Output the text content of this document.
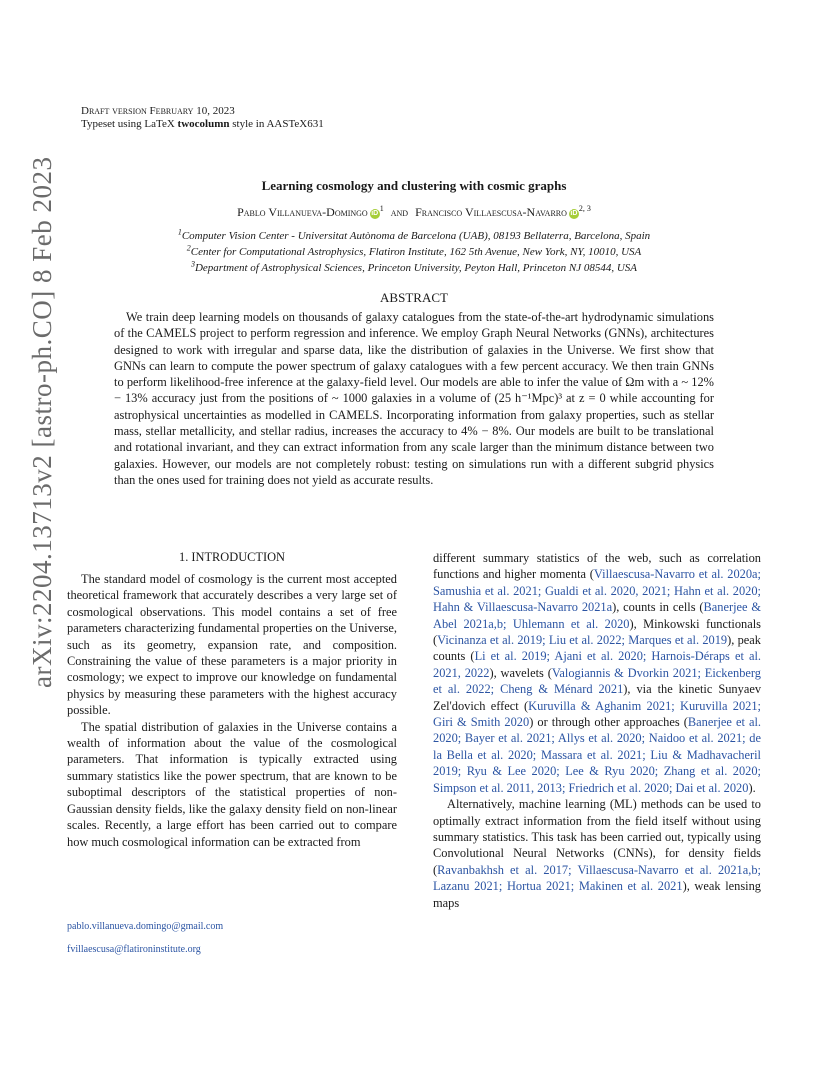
Draft version February 10, 2023
Typeset using LaTeX twocolumn style in AASTeX631
arXiv:2204.13713v2 [astro-ph.CO] 8 Feb 2023	Learning cosmology and clustering with cosmic graphs
Pablo Villanueva-Domingo $iD^1$ and Francisco Villaescusa-Navarro iD$^{2, 3}$
$^1$Computer Vision Center - Universitat Autònoma de Barcelona (UAB), 08193 Bellaterra, Barcelona, Spain
$^2$Center for Computational Astrophysics, Flatiron Institute, 162 5th Avenue, New York, NY, 10010, USA
$^3$Department of Astrophysical Sciences, Princeton University, Peyton Hall, Princeton NJ 08544, USA
ABSTRACT

We train deep learning models on thousands of galaxy catalogues from the state-of-the-art hydrodynamic simulations of the CAMELS project to perform regression and inference. We employ Graph Neural Networks (GNNs), architectures designed to work with irregular and sparse data, like the distribution of galaxies in the Universe. We first show that GNNs can learn to compute the power spectrum of galaxy catalogues with a few percent accuracy. We then train GNNs to perform likelihood-free inference at the galaxy-field level. Our models are able to infer the value of Ωm with a ~ 12% − 13% accuracy just from the positions of ~ 1000 galaxies in a volume of (25 h⁻¹Mpc)³ at z = 0 while accounting for astrophysical uncertainties as modelled in CAMELS. Incorporating information from galaxy properties, such as stellar mass, stellar metallicity, and stellar radius, increases the accuracy to 4% − 8%. Our models are built to be translational and rotational invariant, and they can extract information from any scale larger than the minimum distance between two galaxies. However, our models are not completely robust: testing on simulations run with a different subgrid physics than the ones used for training does not yield as accurate results.

1. INTRODUCTION

The standard model of cosmology is the current most accepted theoretical framework that accurately describes a very large set of cosmological observations. This model contains a set of free parameters characterizing fundamental properties on the Universe, such as its geometry, expansion rate, and composition. Constraining the value of these parameters is a major priority in cosmology; we expect to improve our knowledge on fundamental physics by measuring these parameters with the highest accuracy possible.

The spatial distribution of galaxies in the Universe contains a wealth of information about the value of the cosmological parameters. That information is typically extracted using summary statistics like the power spectrum, that are known to be suboptimal descriptors of the statistical properties of non-Gaussian density fields, like the galaxy density field on non-linear scales. Recently, a large effort has been carried out to compare how much cosmological information can be extracted from

pablo.villanueva.domingo@gmail.com
fvillaescusa@flatironinstitute.org

different summary statistics of the web, such as correlation functions and higher momenta (Villaescusa-Navarro et al. 2020a; Samushia et al. 2021; Gualdi et al. 2020, 2021; Hahn et al. 2020; Hahn & Villaescusa-Navarro 2021a), counts in cells (Banerjee & Abel 2021a,b; Uhlemann et al. 2020), Minkowski functionals (Vicinanza et al. 2019; Liu et al. 2022; Marques et al. 2019), peak counts (Li et al. 2019; Ajani et al. 2020; Harnois-Déraps et al. 2021, 2022), wavelets (Valogiannis & Dvorkin 2021; Eickenberg et al. 2022; Cheng & Ménard 2021), via the kinetic Sunyaev Zel'dovich effect (Kuruvilla & Aghanim 2021; Kuruvilla 2021; Giri & Smith 2020) or through other approaches (Banerjee et al. 2020; Bayer et al. 2021; Allys et al. 2020; Naidoo et al. 2021; de la Bella et al. 2020; Massara et al. 2021; Liu & Madhavacheril 2019; Ryu & Lee 2020; Lee & Ryu 2020; Zhang et al. 2020; Simpson et al. 2011, 2013; Friedrich et al. 2020; Dai et al. 2020).

Alternatively, machine learning (ML) methods can be used to optimally extract information from the field itself without using summary statistics. This task has been carried out, typically using Convolutional Neural Networks (CNNs), for density fields (Ravanbakhsh et al. 2017; Villaescusa-Navarro et al. 2021a,b; Lazanu 2021; Hortua 2021; Makinen et al. 2021), weak lensing maps
